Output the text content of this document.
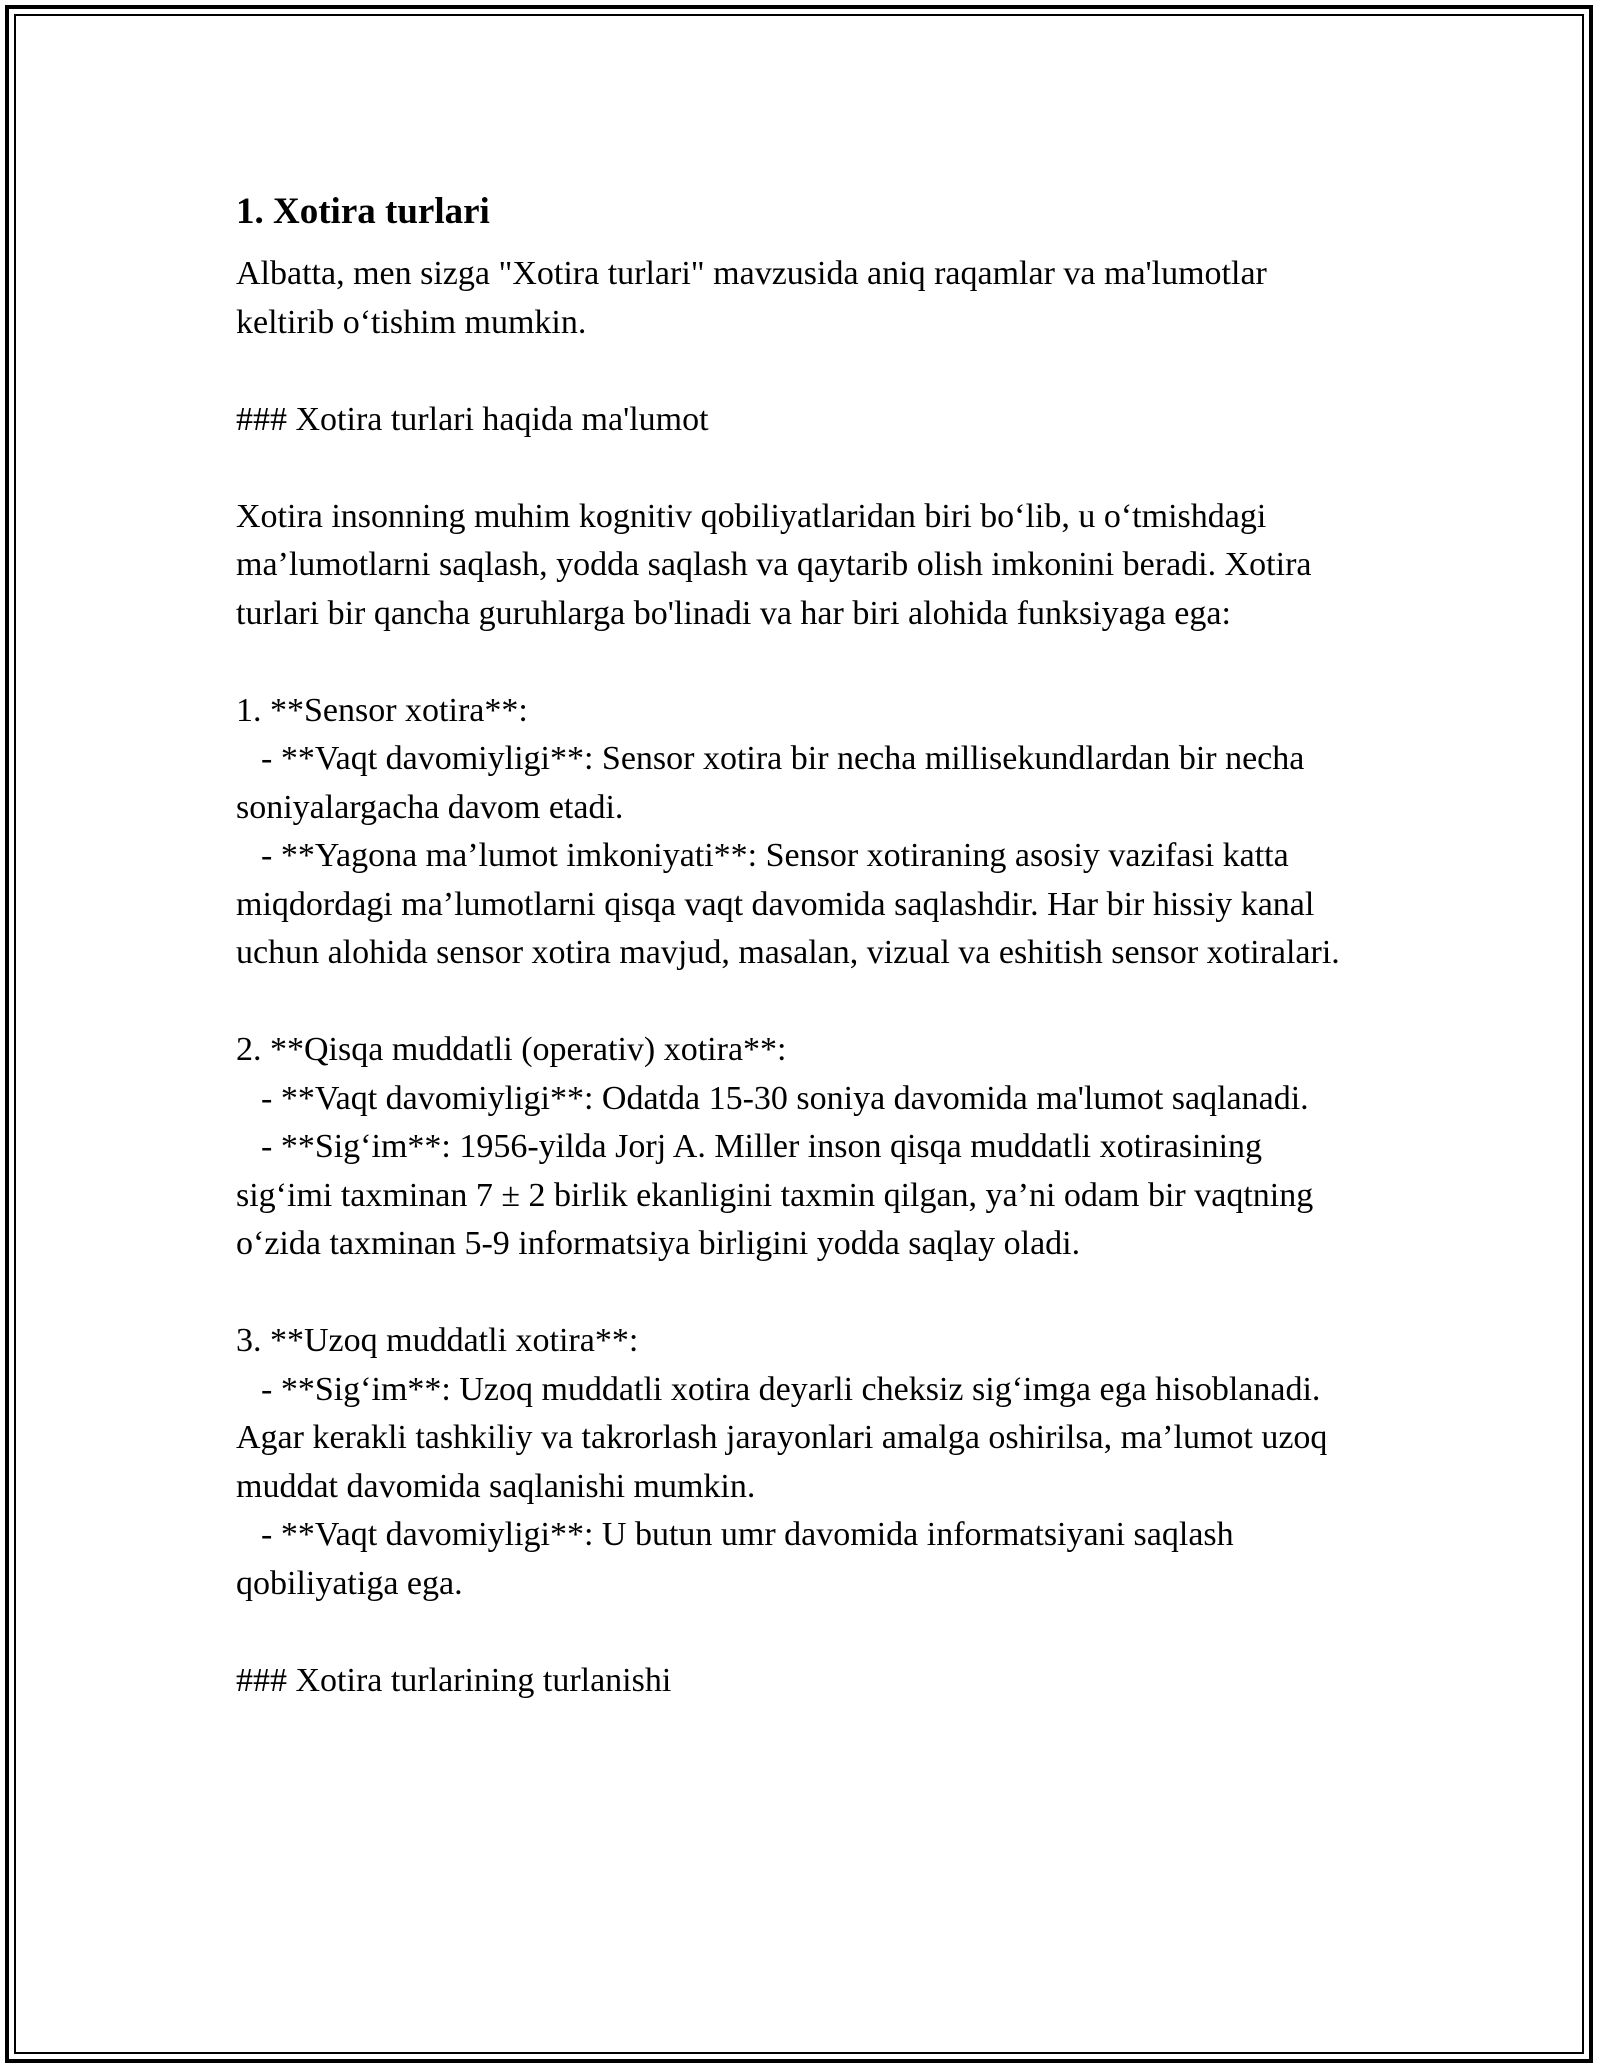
1. Xotira turlari

Albatta, men sizga "Xotira turlari" mavzusida aniq raqamlar va ma'lumotlar keltirib o‘tishim mumkin.

### Xotira turlari haqida ma'lumot

Xotira insonning muhim kognitiv qobiliyatlaridan biri bo‘lib, u o‘tmishdagi ma’lumotlarni saqlash, yodda saqlash va qaytarib olish imkonini beradi. Xotira turlari bir qancha guruhlarga bo'linadi va har biri alohida funksiyaga ega:

1. **Sensor xotira**:

- **Vaqt davomiyligi**: Sensor xotira bir necha millisekundlardan bir necha soniyalargacha davom etadi.

- **Yagona ma’lumot imkoniyati**: Sensor xotiraning asosiy vazifasi katta miqdordagi ma’lumotlarni qisqa vaqt davomida saqlashdir. Har bir hissiy kanal uchun alohida sensor xotira mavjud, masalan, vizual va eshitish sensor xotiralari.

2. **Qisqa muddatli (operativ) xotira**:

- **Vaqt davomiyligi**: Odatda 15-30 soniya davomida ma'lumot saqlanadi.

- **Sig‘im**: 1956-yilda Jorj A. Miller inson qisqa muddatli xotirasining sig‘imi taxminan 7 ± 2 birlik ekanligini taxmin qilgan, ya’ni odam bir vaqtning o‘zida taxminan 5-9 informatsiya birligini yodda saqlay oladi.

3. **Uzoq muddatli xotira**:

- **Sig‘im**: Uzoq muddatli xotira deyarli cheksiz sig‘imga ega hisoblanadi. Agar kerakli tashkiliy va takrorlash jarayonlari amalga oshirilsa, ma’lumot uzoq muddat davomida saqlanishi mumkin.

- **Vaqt davomiyligi**: U butun umr davomida informatsiyani saqlash qobiliyatiga ega.

### Xotira turlarining turlanishi
